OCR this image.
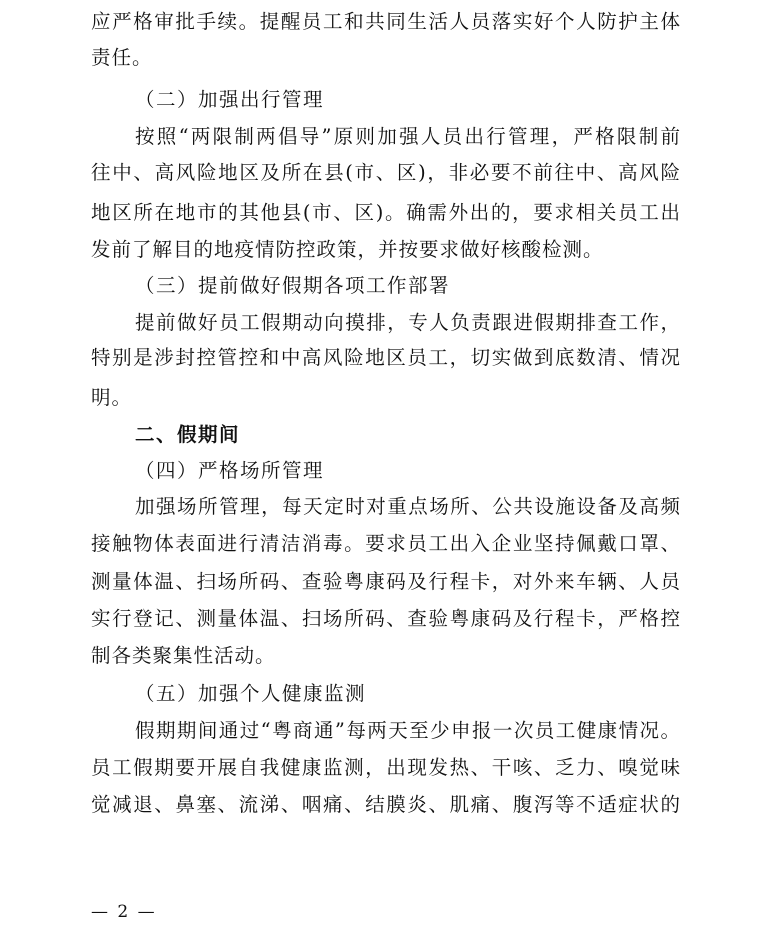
应严格审批手续。提醒员工和共同生活人员落实好个人防护主体
责任。
（二）加强出行管理
按照“两限制两倡导”原则加强人员出行管理，严格限制前
往中、高风险地区及所在县(市、区)，非必要不前往中、高风险
地区所在地市的其他县(市、区)。确需外出的，要求相关员工出
发前了解目的地疫情防控政策，并按要求做好核酸检测。
（三）提前做好假期各项工作部署
提前做好员工假期动向摸排，专人负责跟进假期排查工作，
特别是涉封控管控和中高风险地区员工，切实做到底数清、情况
明。
二、假期间
（四）严格场所管理
加强场所管理，每天定时对重点场所、公共设施设备及高频
接触物体表面进行清洁消毒。要求员工出入企业坚持佩戴口罩、
测量体温、扫场所码、查验粤康码及行程卡，对外来车辆、人员
实行登记、测量体温、扫场所码、查验粤康码及行程卡，严格控
制各类聚集性活动。
（五）加强个人健康监测
假期期间通过“粤商通”每两天至少申报一次员工健康情况。
员工假期要开展自我健康监测，出现发热、干咳、乏力、嗅觉味
觉减退、鼻塞、流涕、咽痛、结膜炎、肌痛、腹泻等不适症状的
— 2 —
